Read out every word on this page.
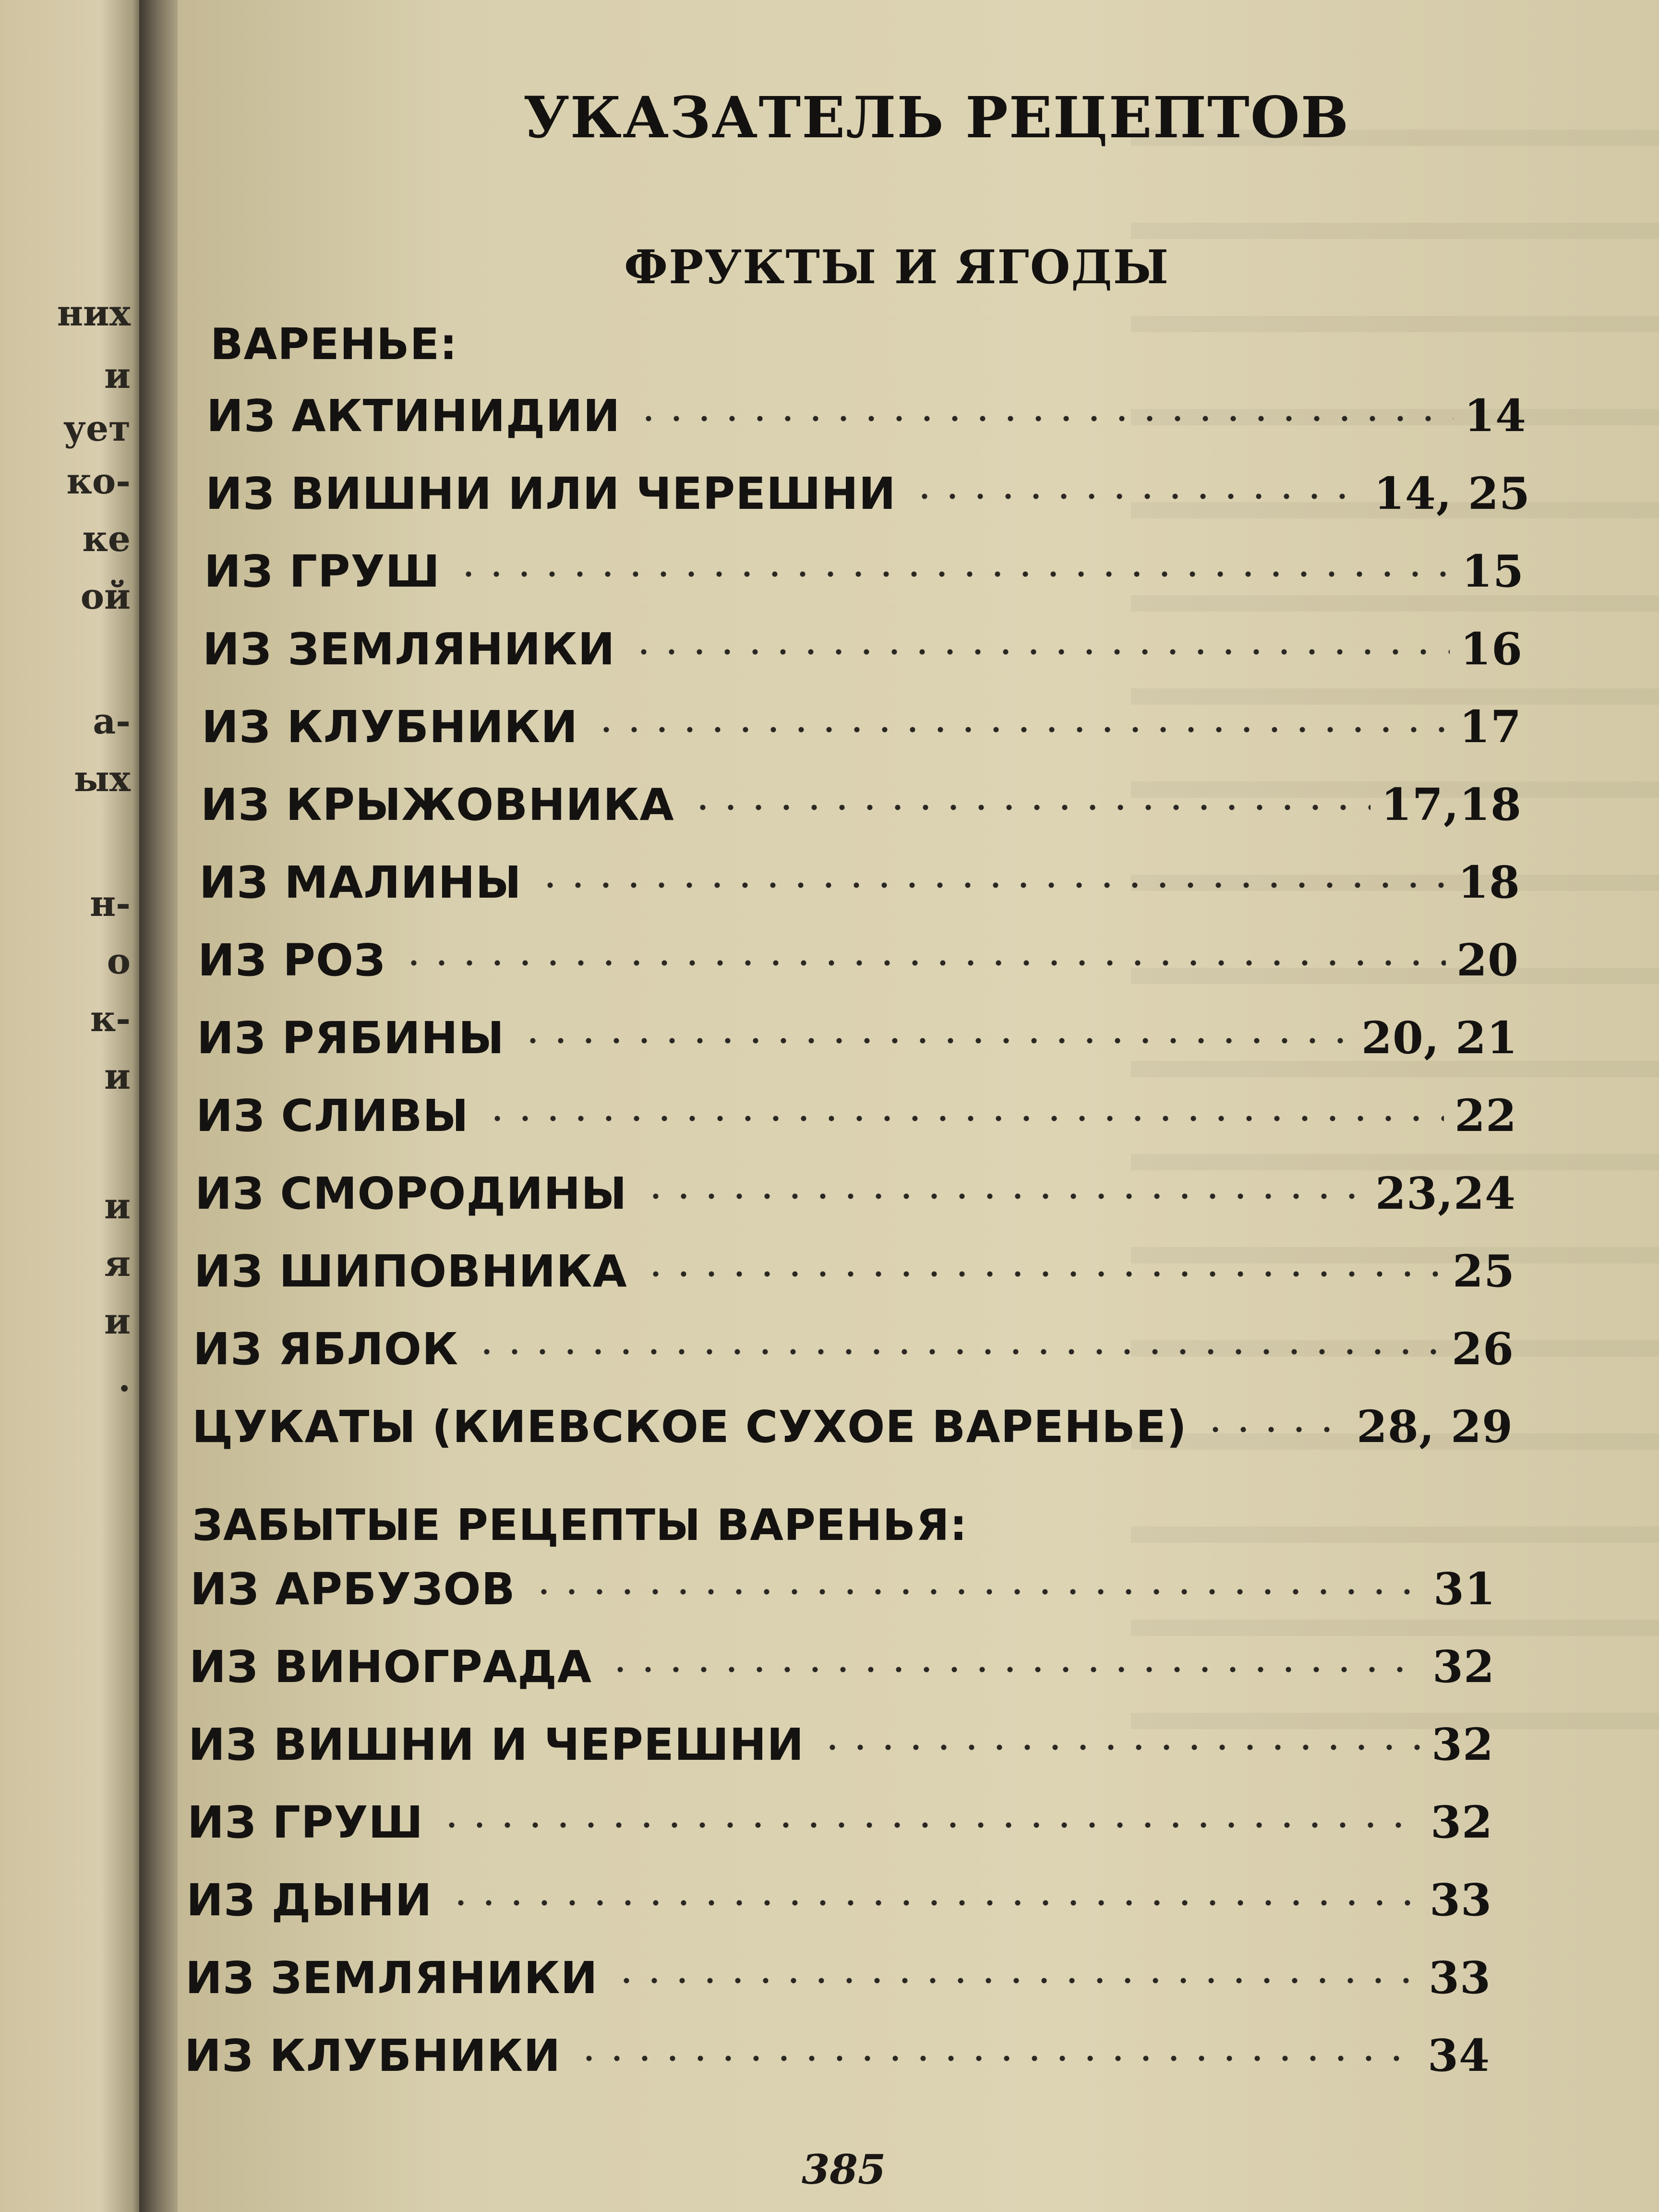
них
и
ует
ко-
ке
ой
а-
ых
н-
о
к-
и
и
я
и
.
УКАЗАТЕЛЬ РЕЦЕПТОВ
ФРУКТЫ И ЯГОДЫ
ВАРЕНЬЕ:
ИЗ АКТИНИДИИ	14
ИЗ ВИШНИ ИЛИ ЧЕРЕШНИ	14, 25
ИЗ ГРУШ	15
ИЗ ЗЕМЛЯНИКИ	16
ИЗ КЛУБНИКИ	17
ИЗ КРЫЖОВНИКА	17,18
ИЗ МАЛИНЫ	18
ИЗ РОЗ	20
ИЗ РЯБИНЫ	20, 21
ИЗ СЛИВЫ	22
ИЗ СМОРОДИНЫ	23,24
ИЗ ШИПОВНИКА	25
ИЗ ЯБЛОК	26
ЦУКАТЫ (КИЕВСКОЕ СУХОЕ ВАРЕНЬЕ)	28, 29
ЗАБЫТЫЕ РЕЦЕПТЫ ВАРЕНЬЯ:
ИЗ АРБУЗОВ	31
ИЗ ВИНОГРАДА	32
ИЗ ВИШНИ И ЧЕРЕШНИ	32
ИЗ ГРУШ	32
ИЗ ДЫНИ	33
ИЗ ЗЕМЛЯНИКИ	33
ИЗ КЛУБНИКИ	34
385
